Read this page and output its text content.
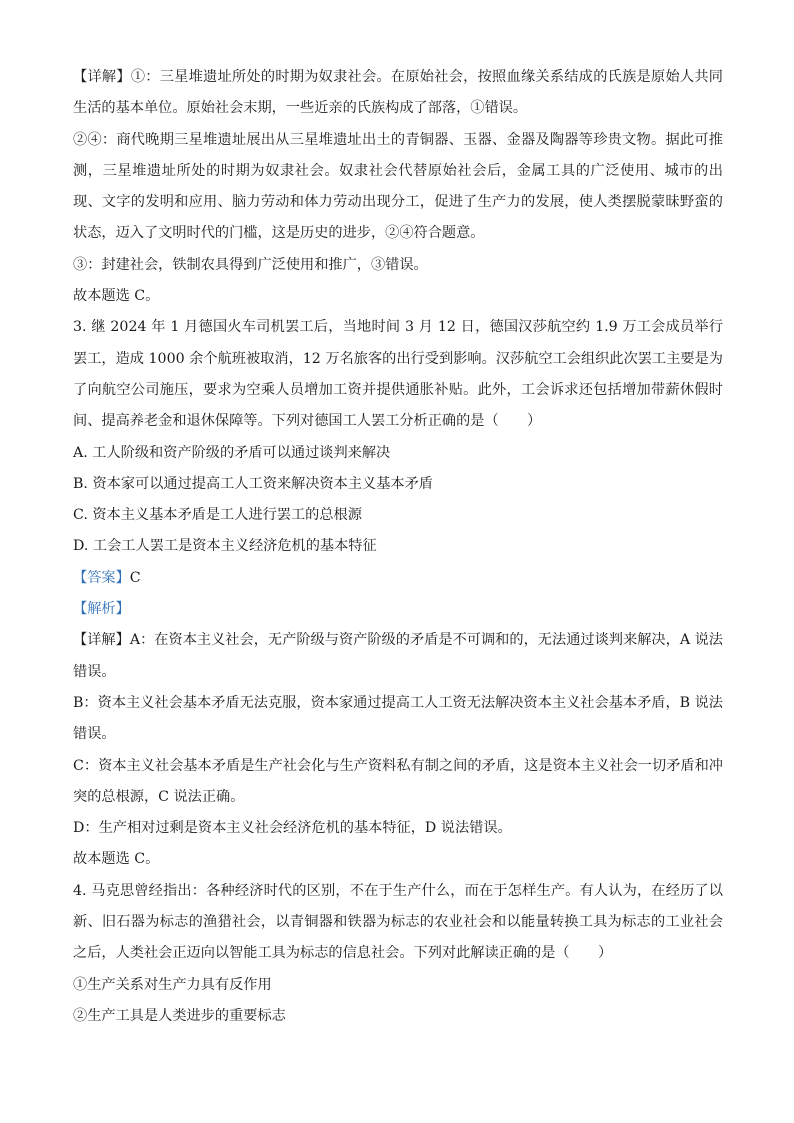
【详解】①：三星堆遗址所处的时期为奴隶社会。在原始社会，按照血缘关系结成的氏族是原始人共同生活的基本单位。原始社会末期，一些近亲的氏族构成了部落，①错误。

②④：商代晚期三星堆遗址展出从三星堆遗址出土的青铜器、玉器、金器及陶器等珍贵文物。据此可推测，三星堆遗址所处的时期为奴隶社会。奴隶社会代替原始社会后，金属工具的广泛使用、城市的出现、文字的发明和应用、脑力劳动和体力劳动出现分工，促进了生产力的发展，使人类摆脱蒙昧野蛮的状态，迈入了文明时代的门槛，这是历史的进步，②④符合题意。

③：封建社会，铁制农具得到广泛使用和推广，③错误。

故本题选 C。

3. 继 2024 年 1 月德国火车司机罢工后，当地时间 3 月 12 日，德国汉莎航空约 1.9 万工会成员举行罢工，造成 1000 余个航班被取消，12 万名旅客的出行受到影响。汉莎航空工会组织此次罢工主要是为了向航空公司施压，要求为空乘人员增加工资并提供通胀补贴。此外，工会诉求还包括增加带薪休假时间、提高养老金和退休保障等。下列对德国工人罢工分析正确的是（　　）

A. 工人阶级和资产阶级的矛盾可以通过谈判来解决

B. 资本家可以通过提高工人工资来解决资本主义基本矛盾

C. 资本主义基本矛盾是工人进行罢工的总根源

D. 工会工人罢工是资本主义经济危机的基本特征

【答案】C

【解析】

【详解】A：在资本主义社会，无产阶级与资产阶级的矛盾是不可调和的，无法通过谈判来解决，A 说法错误。

B：资本主义社会基本矛盾无法克服，资本家通过提高工人工资无法解决资本主义社会基本矛盾，B 说法错误。

C：资本主义社会基本矛盾是生产社会化与生产资料私有制之间的矛盾，这是资本主义社会一切矛盾和冲突的总根源，C 说法正确。

D：生产相对过剩是资本主义社会经济危机的基本特征，D 说法错误。

故本题选 C。

4. 马克思曾经指出：各种经济时代的区别，不在于生产什么，而在于怎样生产。有人认为，在经历了以新、旧石器为标志的渔猎社会，以青铜器和铁器为标志的农业社会和以能量转换工具为标志的工业社会之后，人类社会正迈向以智能工具为标志的信息社会。下列对此解读正确的是（　　）

①生产关系对生产力具有反作用

②生产工具是人类进步的重要标志
